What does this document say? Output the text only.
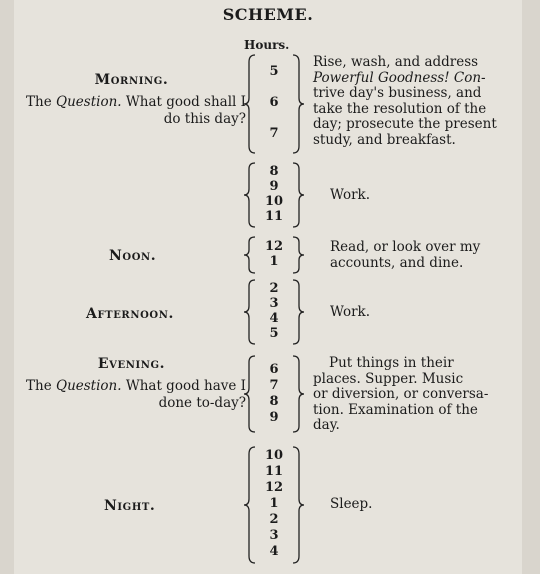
SCHEME.
Hours.
Morning.
The Question. What good shall I do this day?
5
6
7
Rise, wash, and address
Powerful Goodness! Con-
trive day's business, and
take the resolution of the
day; prosecute the present
study, and breakfast.
8
9
10
11
Work.
Noon.
12
1
Read, or look over my
accounts, and dine.
Afternoon.
2
3
4
5
Work.
Evening.
The Question. What good have I done to-day?
6
7
8
9
Put things in their
places. Supper. Music
or diversion, or conversa-
tion. Examination of the
day.
Night.
10
11
12
1
2
3
4
Sleep.
